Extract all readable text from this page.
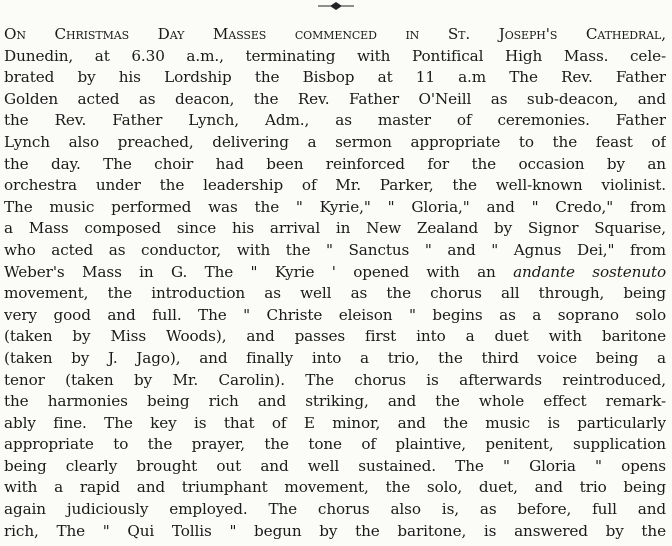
On Christmas Day Masses commenced in St. Joseph's Cathedral,
Dunedin, at 6.30 a.m., terminating with Pontifical High Mass. cele-
brated by his Lordship the Bisbop at 11 a.m The Rev. Father
Golden acted as deacon, the Rev. Father O'Neill as sub-deacon, and
the Rev. Father Lynch, Adm., as master of ceremonies. Father
Lynch also preached, delivering a sermon appropriate to the feast of
the day. The choir had been reinforced for the occasion by an
orchestra under the leadership of Mr. Parker, the well-known violinist.
The music performed was the " Kyrie," " Gloria," and " Credo," from
a Mass composed since his arrival in New Zealand by Signor Squarise,
who acted as conductor, with the " Sanctus " and " Agnus Dei," from
Weber's Mass in G. The " Kyrie ' opened with an andante sostenuto
movement, the introduction as well as the chorus all through, being
very good and full. The " Christe eleison " begins as a soprano solo
(taken by Miss Woods), and passes first into a duet with baritone
(taken by J. Jago), and finally into a trio, the third voice being a
tenor (taken by Mr. Carolin). The chorus is afterwards reintroduced,
the harmonies being rich and striking, and the whole effect remark-
ably fine. The key is that of E minor, and the music is particularly
appropriate to the prayer, the tone of plaintive, penitent, supplication
being clearly brought out and well sustained. The " Gloria " opens
with a rapid and triumphant movement, the solo, duet, and trio being
again judiciously employed. The chorus also is, as before, full and
rich, The " Qui Tollis " begun by the baritone, is answered by the
